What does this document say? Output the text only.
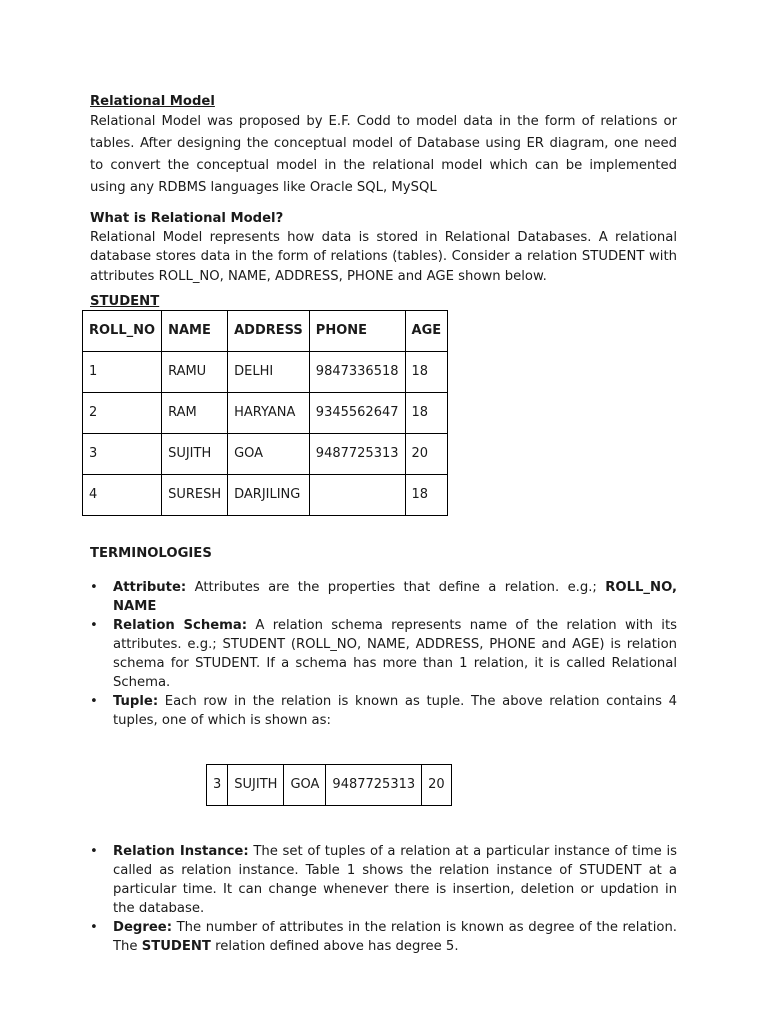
Relational Model

Relational Model was proposed by E.F. Codd to model data in the form of relations or tables. After designing the conceptual model of Database using ER diagram, one need to convert the conceptual model in the relational model which can be implemented using any RDBMS languages like Oracle SQL, MySQL

What is Relational Model?

Relational Model represents how data is stored in Relational Databases. A relational database stores data in the form of relations (tables). Consider a relation STUDENT with attributes ROLL_NO, NAME, ADDRESS, PHONE and AGE shown below.

STUDENT

ROLL_NO	NAME	ADDRESS	PHONE	AGE
1	RAMU	DELHI	9847336518	18
2	RAM	HARYANA	9345562647	18
3	SUJITH	GOA	9487725313	20
4	SURESH	DARJILING		18

TERMINOLOGIES

• Attribute: Attributes are the properties that define a relation. e.g.; ROLL_NO, NAME
• Relation Schema: A relation schema represents name of the relation with its attributes. e.g.; STUDENT (ROLL_NO, NAME, ADDRESS, PHONE and AGE) is relation schema for STUDENT. If a schema has more than 1 relation, it is called Relational Schema.
• Tuple: Each row in the relation is known as tuple. The above relation contains 4 tuples, one of which is shown as:
3	SUJITH	GOA	9487725313	20
• Relation Instance: The set of tuples of a relation at a particular instance of time is called as relation instance. Table 1 shows the relation instance of STUDENT at a particular time. It can change whenever there is insertion, deletion or updation in the database.
• Degree: The number of attributes in the relation is known as degree of the relation. The STUDENT relation defined above has degree 5.
